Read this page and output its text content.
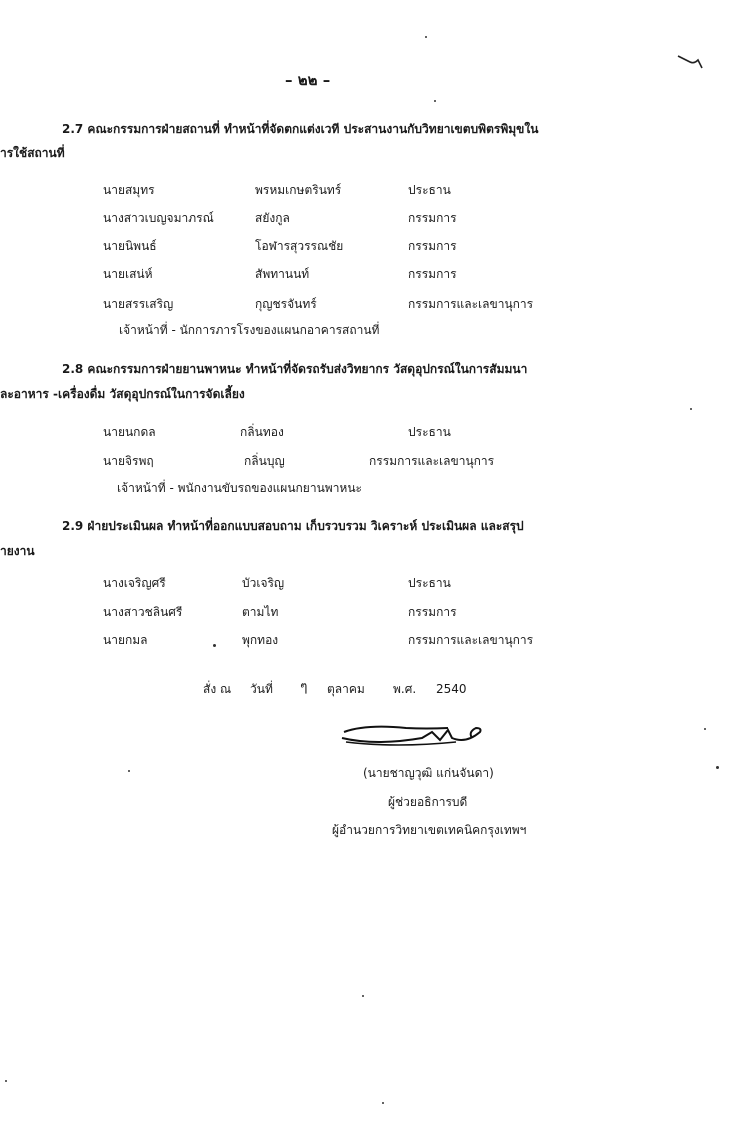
– ๒๒ –
2.7 คณะกรรมการฝ่ายสถานที่ ทำหน้าที่จัดตกแต่งเวที ประสานงานกับวิทยาเขตบพิตรพิมุขใน
ารใช้สถานที่
นายสมุทร	พรหมเกษตรินทร์	ประธาน
นางสาวเบญจมาภรณ์	สยังกูล	กรรมการ
นายนิพนธ์	โอฬารสุวรรณชัย	กรรมการ
นายเสน่ห์	สัพทานนท์	กรรมการ
นายสรรเสริญ	กุญชรจันทร์	กรรมการและเลขานุการ
เจ้าหน้าที่ - นักการภารโรงของแผนกอาคารสถานที่
2.8 คณะกรรมการฝ่ายยานพาหนะ ทำหน้าที่จัดรถรับส่งวิทยากร วัสดุอุปกรณ์ในการสัมมนา
ละอาหาร -เครื่องดื่ม วัสดุอุปกรณ์ในการจัดเลี้ยง
นายนกดล	กลิ่นทอง	ประธาน
นายจิรพฤ	กลิ่นบุญ	กรรมการและเลขานุการ
เจ้าหน้าที่ - พนักงานขับรถของแผนกยานพาหนะ
2.9 ฝ่ายประเมินผล ทำหน้าที่ออกแบบสอบถาม เก็บรวบรวม วิเคราะห์ ประเมินผล และสรุป
ายงาน
นางเจริญศรี	บัวเจริญ	ประธาน
นางสาวชลินศรี	ตามไท	กรรมการ
นายกมล	พุกทอง	กรรมการและเลขานุการ
สั่ง ณ วันที่ ๆ ตุลาคม พ.ศ. 2540
(นายชาญวุฒิ แก่นจันดา)
ผู้ช่วยอธิการบดี
ผู้อำนวยการวิทยาเขตเทคนิคกรุงเทพฯ
